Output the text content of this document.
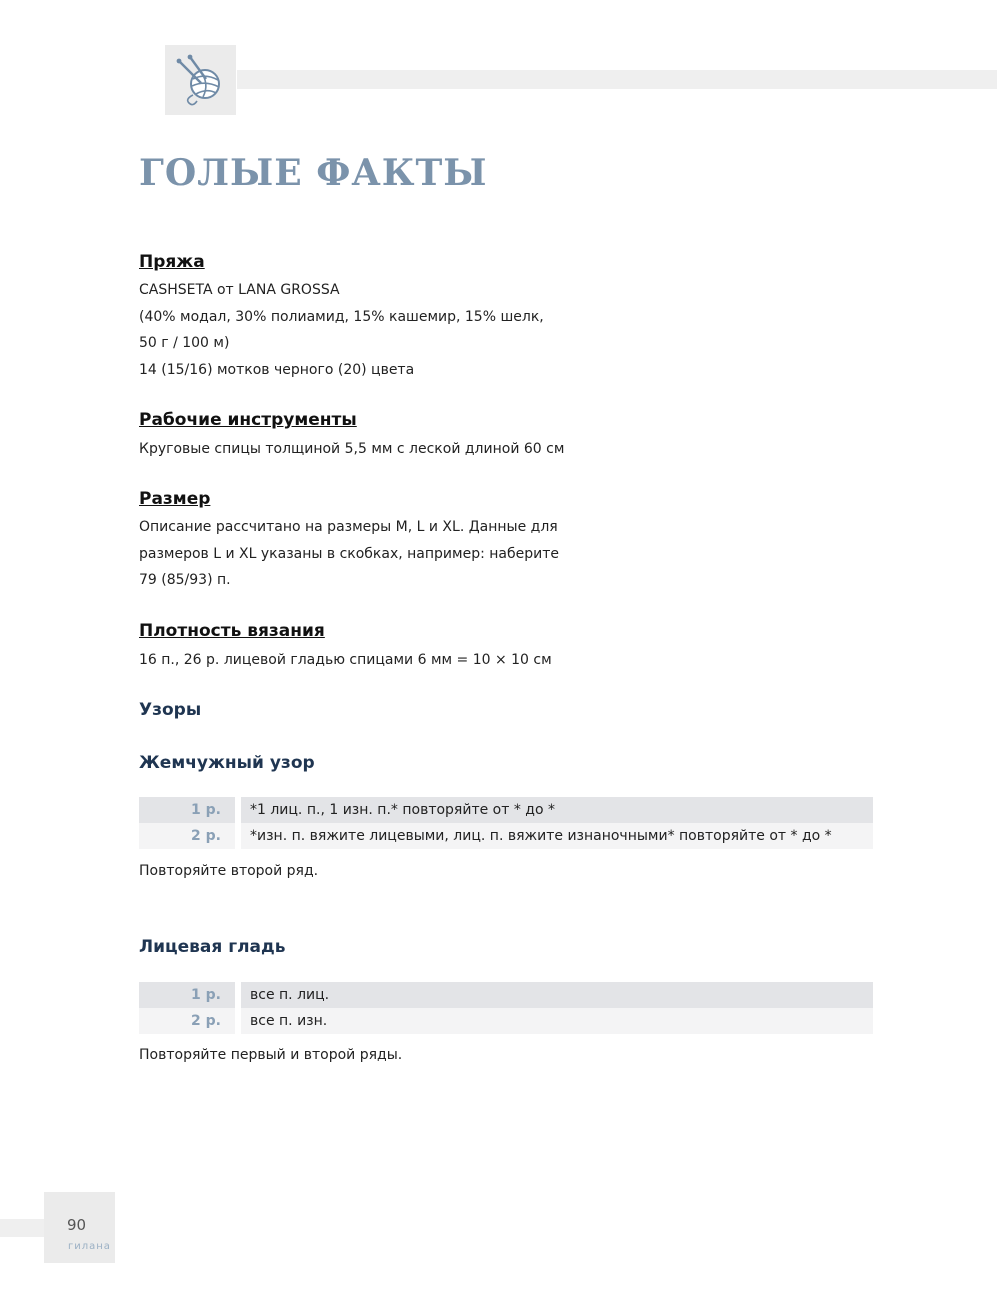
ГОЛЫЕ ФАКТЫ
Пряжа
CASHSETA от LANA GROSSA
(40% модал, 30% полиамид, 15% кашемир, 15% шелк,
50 г / 100 м)
14 (15/16) мотков черного (20) цвета
Рабочие инструменты
Круговые спицы толщиной 5,5 мм с леской длиной 60 см
Размер
Описание рассчитано на размеры M, L и XL. Данные для
размеров L и XL указаны в скобках, например: наберите
79 (85/93) п.
Плотность вязания
16 п., 26 р. лицевой гладью спицами 6 мм = 10 × 10 см
Узоры
Жемчужный узор
1 р.	*1 лиц. п., 1 изн. п.* повторяйте от * до *
2 р.	*изн. п. вяжите лицевыми, лиц. п. вяжите изнаночными* повторяйте от * до *
Повторяйте второй ряд.
Лицевая гладь
1 р.	все п. лиц.
2 р.	все п. изн.
Повторяйте первый и второй ряды.
90
гилана
